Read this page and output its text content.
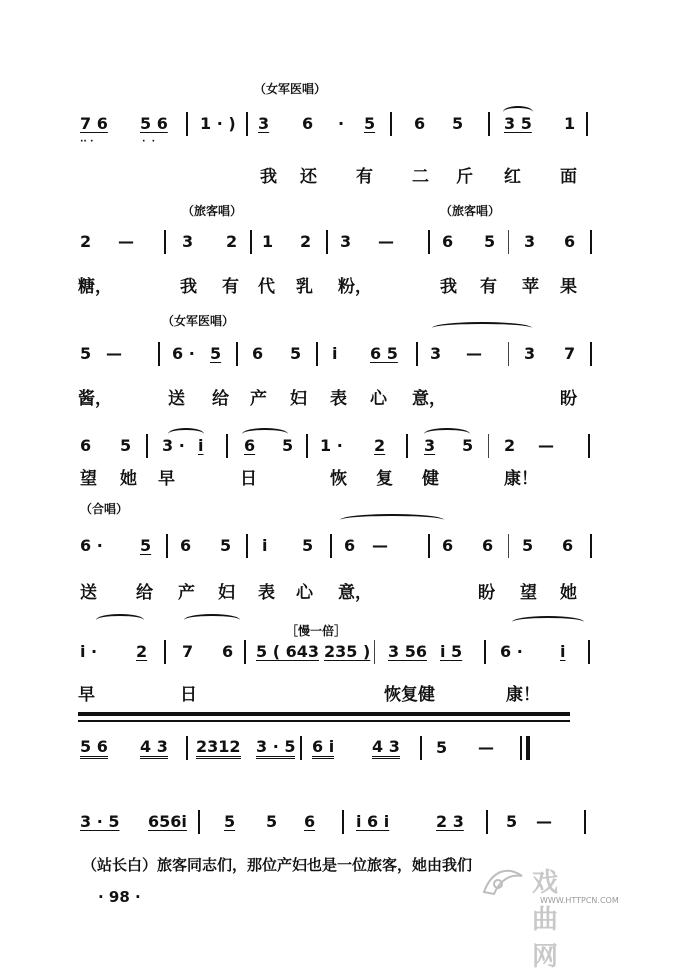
（女军医唱）
7 6 5 6 1 · ) 3 6 · 5 6 5	3 5 1
·· ·	·  ·
我 还 有 二 斤 红 面
（旅客唱）	（旅客唱）
2 —	3 2 1 2 3 —	6 5 3 6
糖，	我 有 代 乳 粉，	我 有 苹 果
（女军医唱）
5 —	6 · 5 6 5 i 6 5 3 —	3 7
酱，	送 给 产 妇 表 心 意，	盼
6 5 3 · i	6 5 1 · 2 3 5 2 —
望 她 早	日	恢 复 健	康！
（合唱）
6 · 5 6 5 i 5 6 —	6 6 5 6
送 给 产 妇 表 心 意，	盼 望 她
［慢一倍］
i · 2 7 6 5 ( 643 235 ) 3 56 i 5 6 · i
早	日	恢复健	康！
5 6 4 3 2312 3 · 5 6 i 4 3 5 —
3 · 5 656i 5 5 6	i 6 i	2 3	5 —
（站长白）旅客同志们，那位产妇也是一位旅客，她由我们
· 98 ·	戏曲网
WWW.HTTPCN.COM
